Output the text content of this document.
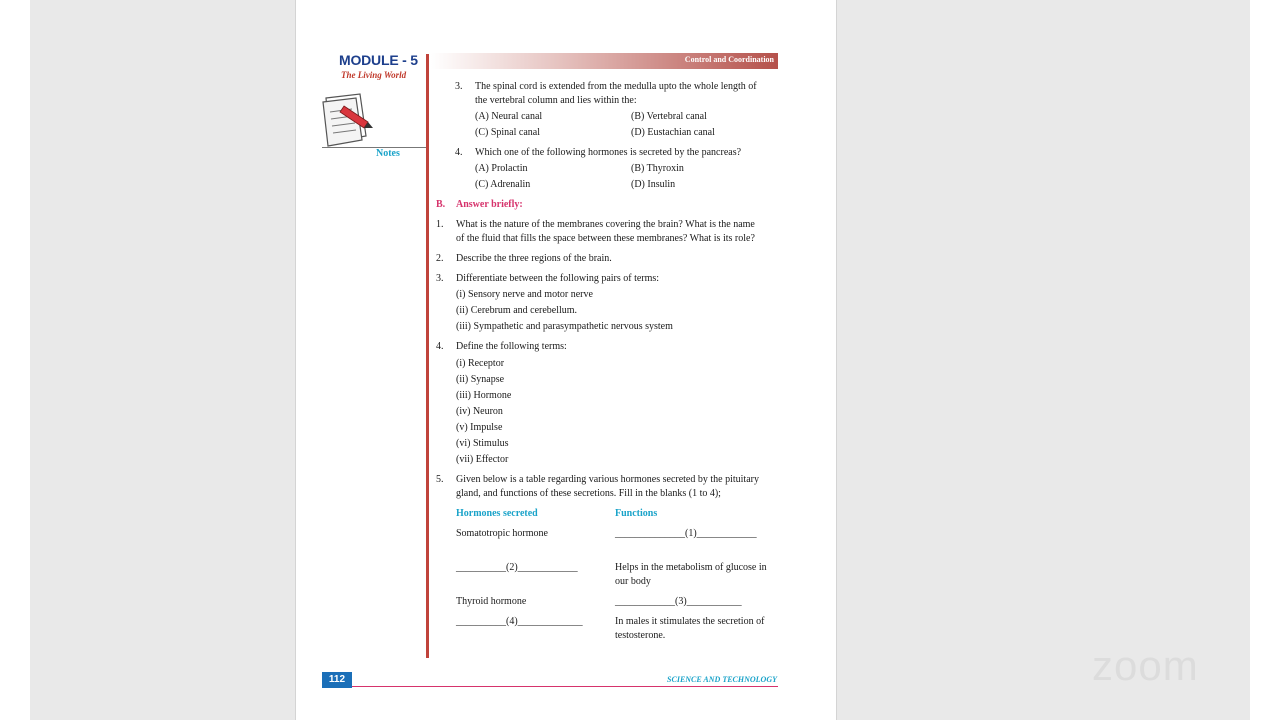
MODULE - 5
The Living World
Notes
Control and Coordination
3. The spinal cord is extended from the medulla upto the whole length of
the vertebral column and lies within the:
(A) Neural canal	(B) Vertebral canal
(C) Spinal canal	(D) Eustachian canal
4. Which one of the following hormones is secreted by the pancreas?
(A) Prolactin	(B) Thyroxin
(C) Adrenalin	(D) Insulin
B. Answer briefly:
1. What is the nature of the membranes covering the brain? What is the name
of the fluid that fills the space between these membranes? What is its role?
2. Describe the three regions of the brain.
3. Differentiate between the following pairs of terms:
(i) Sensory nerve and motor nerve
(ii) Cerebrum and cerebellum.
(iii) Sympathetic and parasympathetic nervous system
4. Define the following terms:
(i) Receptor
(ii) Synapse
(iii) Hormone
(iv) Neuron
(v) Impulse
(vi) Stimulus
(vii) Effector
5. Given below is a table regarding various hormones secreted by the pituitary
gland, and functions of these secretions. Fill in the blanks (1 to 4);
Hormones secreted	Functions
Somatotropic hormone	______________(1)____________
__________(2)____________	Helps in the metabolism of glucose in
our body
Thyroid hormone	____________(3)___________
__________(4)_____________	In males it stimulates the secretion of
testosterone.
112	SCIENCE AND TECHNOLOGY	zoom
